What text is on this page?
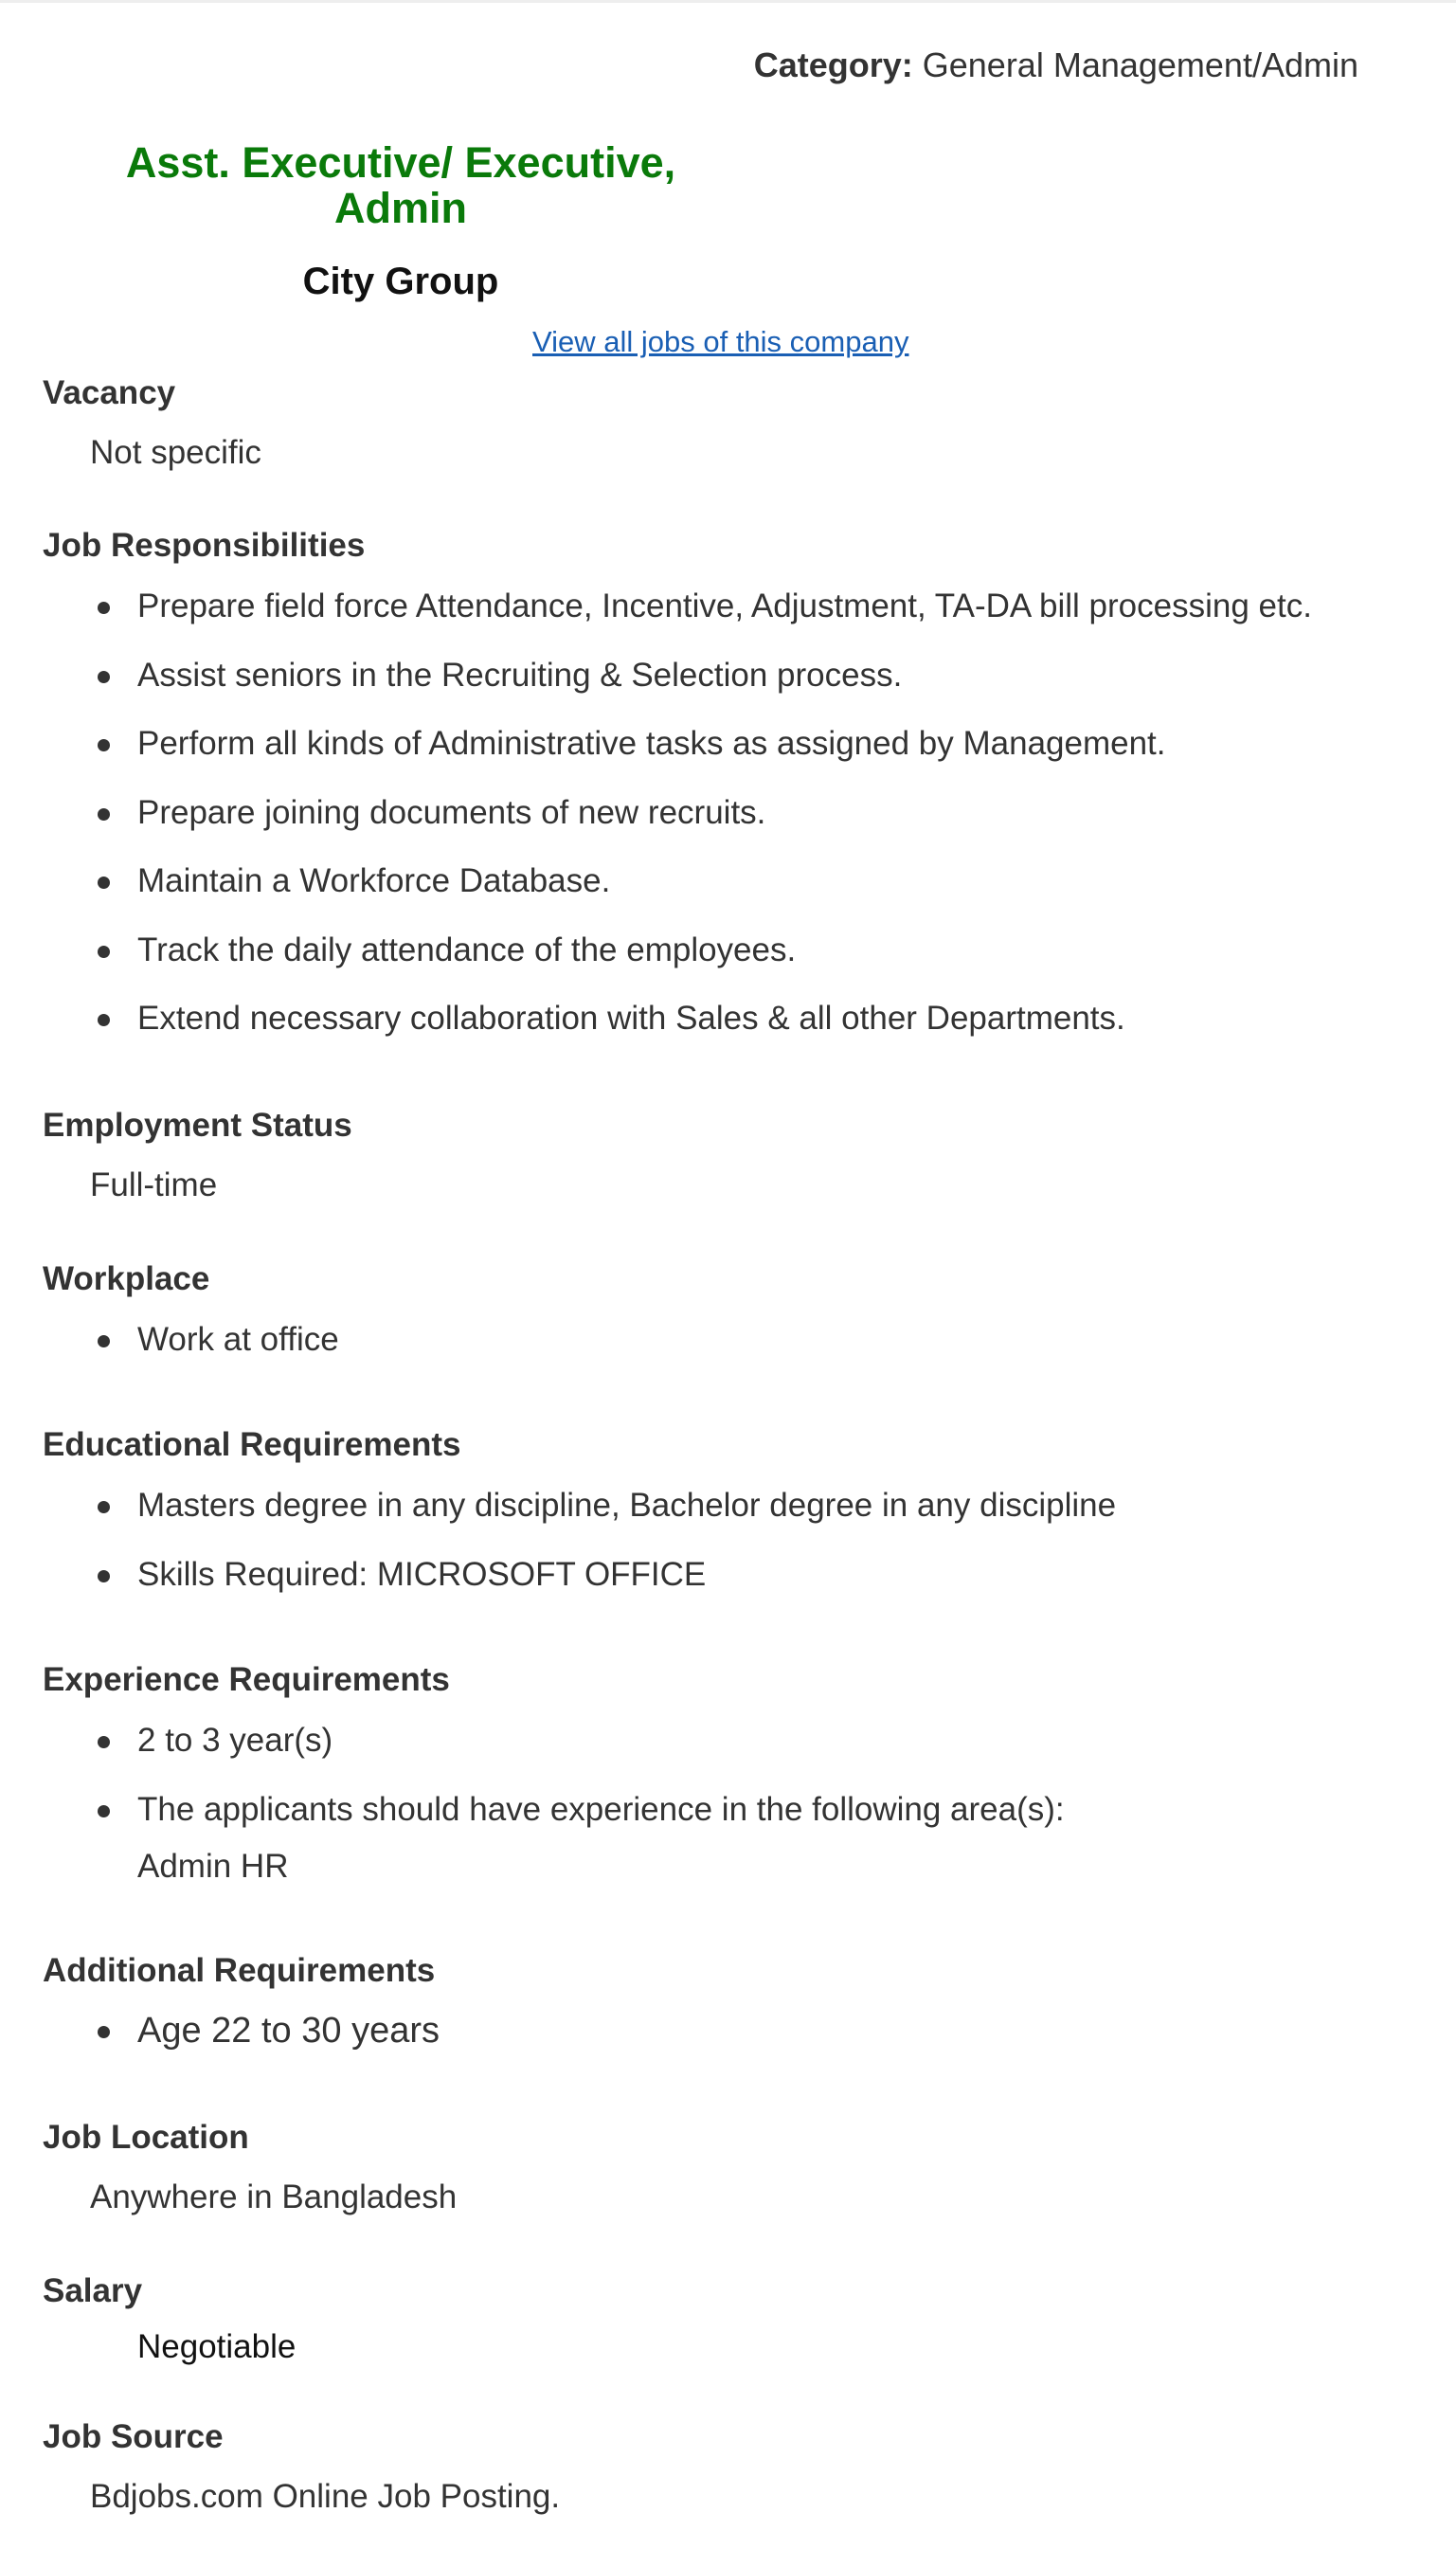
Category: General Management/Admin
Asst. Executive/ Executive, Admin
City Group
View all jobs of this company
Vacancy
Not specific
Job Responsibilities
Prepare field force Attendance, Incentive, Adjustment, TA-DA bill processing etc.
Assist seniors in the Recruiting & Selection process.
Perform all kinds of Administrative tasks as assigned by Management.
Prepare joining documents of new recruits.
Maintain a Workforce Database.
Track the daily attendance of the employees.
Extend necessary collaboration with Sales & all other Departments.
Employment Status
Full-time
Workplace
Work at office
Educational Requirements
Masters degree in any discipline, Bachelor degree in any discipline
Skills Required: MICROSOFT OFFICE
Experience Requirements
2 to 3 year(s)
The applicants should have experience in the following area(s):
Admin HR
Additional Requirements
Age 22 to 30 years
Job Location
Anywhere in Bangladesh
Salary
Negotiable
Job Source
Bdjobs.com Online Job Posting.
